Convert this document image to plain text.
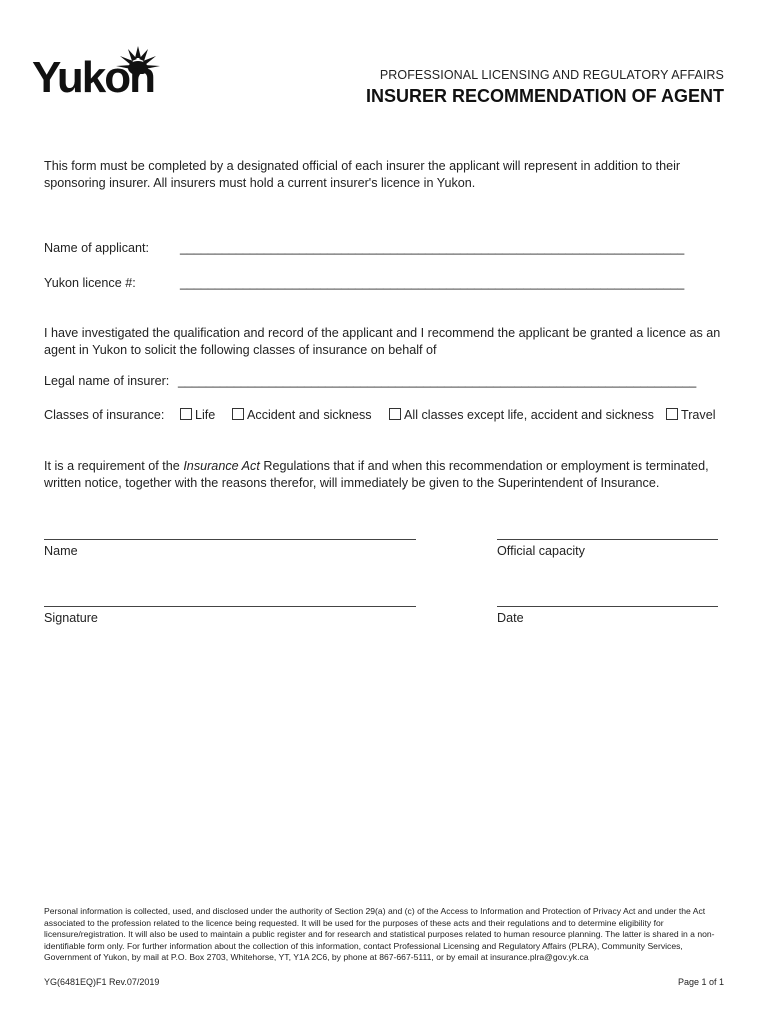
Yukon	PROFESSIONAL LICENSING AND REGULATORY AFFAIRS
INSURER RECOMMENDATION OF AGENT
This form must be completed by a designated official of each insurer the applicant will represent in addition to their sponsoring insurer. All insurers must hold a current insurer's licence in Yukon.
Name of applicant: ________________________________________________________________________
Yukon licence #:	________________________________________________________________________
I have investigated the qualification and record of the applicant and I recommend the applicant be granted a licence as an agent in Yukon to solicit the following classes of insurance on behalf of
Legal name of insurer: __________________________________________________________________________
Classes of insurance:	Life	Accident and sickness	All classes except life, accident and sickness	Travel
It is a requirement of the Insurance Act Regulations that if and when this recommendation or employment is terminated, written notice, together with the reasons therefor, will immediately be given to the Superintendent of Insurance.
Name	Official capacity
Signature	Date
Personal information is collected, used, and disclosed under the authority of Section 29(a) and (c) of the Access to Information and Protection of Privacy Act and under the Act associated to the profession related to the licence being requested. It will be used for the purposes of these acts and their regulations and to determine eligibility for licensure/registration. It will also be used to maintain a public register and for research and statistical purposes related to human resource planning. The latter is shared in a non-identifiable form only. For further information about the collection of this information, contact Professional Licensing and Regulatory Affairs (PLRA), Community Services, Government of Yukon, by mail at P.O. Box 2703, Whitehorse, YT, Y1A 2C6, by phone at 867-667-5111, or by email at insurance.plra@gov.yk.ca
YG(6481EQ)F1 Rev.07/2019	Page 1 of 1
